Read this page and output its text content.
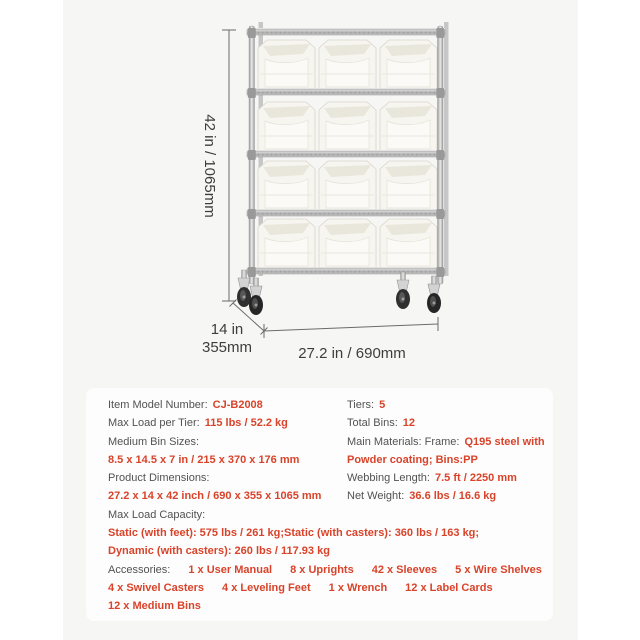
42 in / 1065mm
14 in
355mm	27.2 in / 690mm
Item Model Number: CJ-B2008
Max Load per Tier: 115 lbs / 52.2 kg
Medium Bin Sizes:
8.5 x 14.5 x 7 in / 215 x 370 x 176 mm
Product Dimensions:
27.2 x 14 x 42 inch / 690 x 355 x 1065 mm
Tiers: 5
Total Bins: 12
Main Materials: Frame: Q195 steel with
Powder coating; Bins:PP
Webbing Length: 7.5 ft / 2250 mm
Net Weight: 36.6 lbs / 16.6 kg
Max Load Capacity:
Static (with feet): 575 lbs / 261 kg;Static (with casters): 360 lbs / 163 kg;
Dynamic (with casters): 260 lbs / 117.93 kg
Accessories: 1 x User Manual 8 x Uprights 42 x Sleeves 5 x Wire Shelves
4 x Swivel Casters 4 x Leveling Feet 1 x Wrench 12 x Label Cards
12 x Medium Bins
